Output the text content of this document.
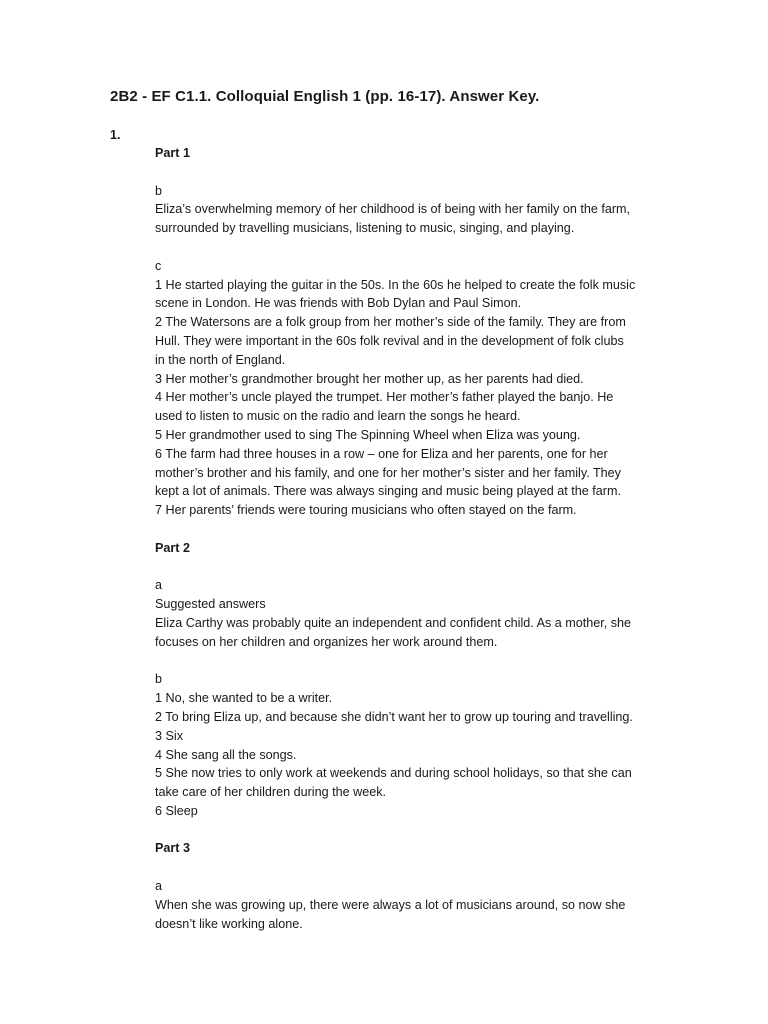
2B2 - EF C1.1. Colloquial English 1 (pp. 16-17). Answer Key.
1.

Part 1

b

Eliza’s overwhelming memory of her childhood is of being with her family on the farm,

surrounded by travelling musicians, listening to music, singing, and playing.

c

1 He started playing the guitar in the 50s. In the 60s he helped to create the folk music

scene in London. He was friends with Bob Dylan and Paul Simon.

2 The Watersons are a folk group from her mother’s side of the family. They are from

Hull. They were important in the 60s folk revival and in the development of folk clubs

in the north of England.

3 Her mother’s grandmother brought her mother up, as her parents had died.

4 Her mother’s uncle played the trumpet. Her mother’s father played the banjo. He

used to listen to music on the radio and learn the songs he heard.

5 Her grandmother used to sing The Spinning Wheel when Eliza was young.

6 The farm had three houses in a row – one for Eliza and her parents, one for her

mother’s brother and his family, and one for her mother’s sister and her family. They

kept a lot of animals. There was always singing and music being played at the farm.

7 Her parents’ friends were touring musicians who often stayed on the farm.

Part 2

a

Suggested answers

Eliza Carthy was probably quite an independent and confident child. As a mother, she

focuses on her children and organizes her work around them.

b

1 No, she wanted to be a writer.

2 To bring Eliza up, and because she didn’t want her to grow up touring and travelling.

3 Six

4 She sang all the songs.

5 She now tries to only work at weekends and during school holidays, so that she can

take care of her children during the week.

6 Sleep

Part 3

a

When she was growing up, there were always a lot of musicians around, so now she

doesn’t like working alone.
